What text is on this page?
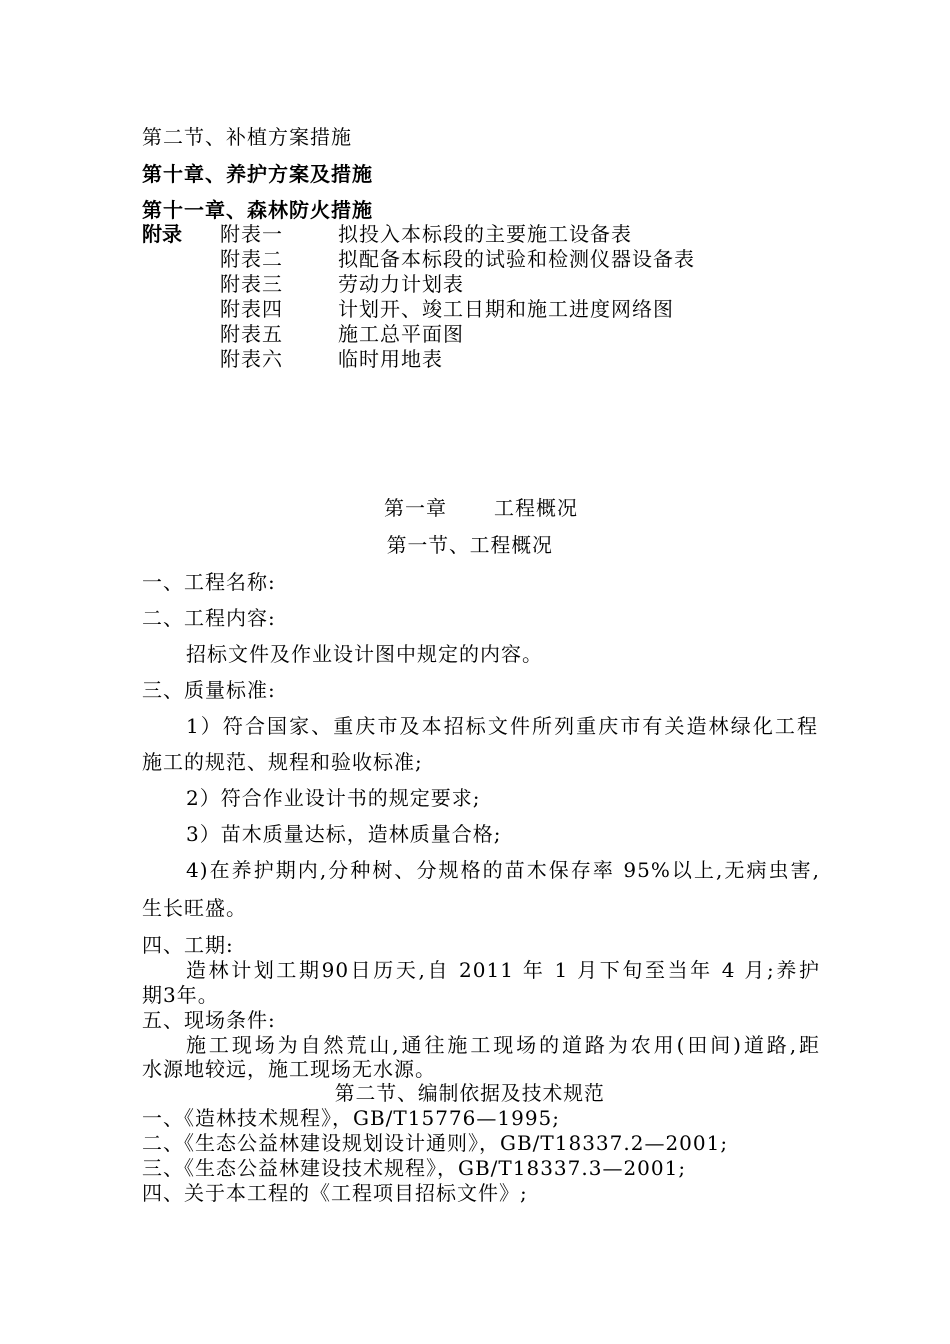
第二节、补植方案措施
第十章、养护方案及措施
第十一章、森林防火措施
附录 附表一	拟投入本标段的主要施工设备表
附表二	拟配备本标段的试验和检测仪器设备表
附表三	劳动力计划表
附表四	计划开、竣工日期和施工进度网络图
附表五	施工总平面图
附表六	临时用地表
第一章 工程概况
第一节、工程概况
一、工程名称:
二、工程内容:
招标文件及作业设计图中规定的内容。
三、质量标准:
1）符合国家、重庆市及本招标文件所列重庆市有关造林绿化工程
施工的规范、规程和验收标准;
2）符合作业设计书的规定要求;
3）苗木质量达标，造林质量合格;
4)在养护期内,分种树、分规格的苗木保存率 95%以上,无病虫害,
生长旺盛。
四、工期:
造林计划工期90日历天,自 2011 年 1 月下旬至当年 4 月;养护
期3年。
五、现场条件:
施工现场为自然荒山,通往施工现场的道路为农用(田间)道路,距
水源地较远，施工现场无水源。
第二节、编制依据及技术规范
一、《造林技术规程》，GB/T15776—1995;
二、《生态公益林建设规划设计通则》，GB/T18337.2—2001;
三、《生态公益林建设技术规程》，GB/T18337.3—2001;
四、关于本工程的《工程项目招标文件》;
